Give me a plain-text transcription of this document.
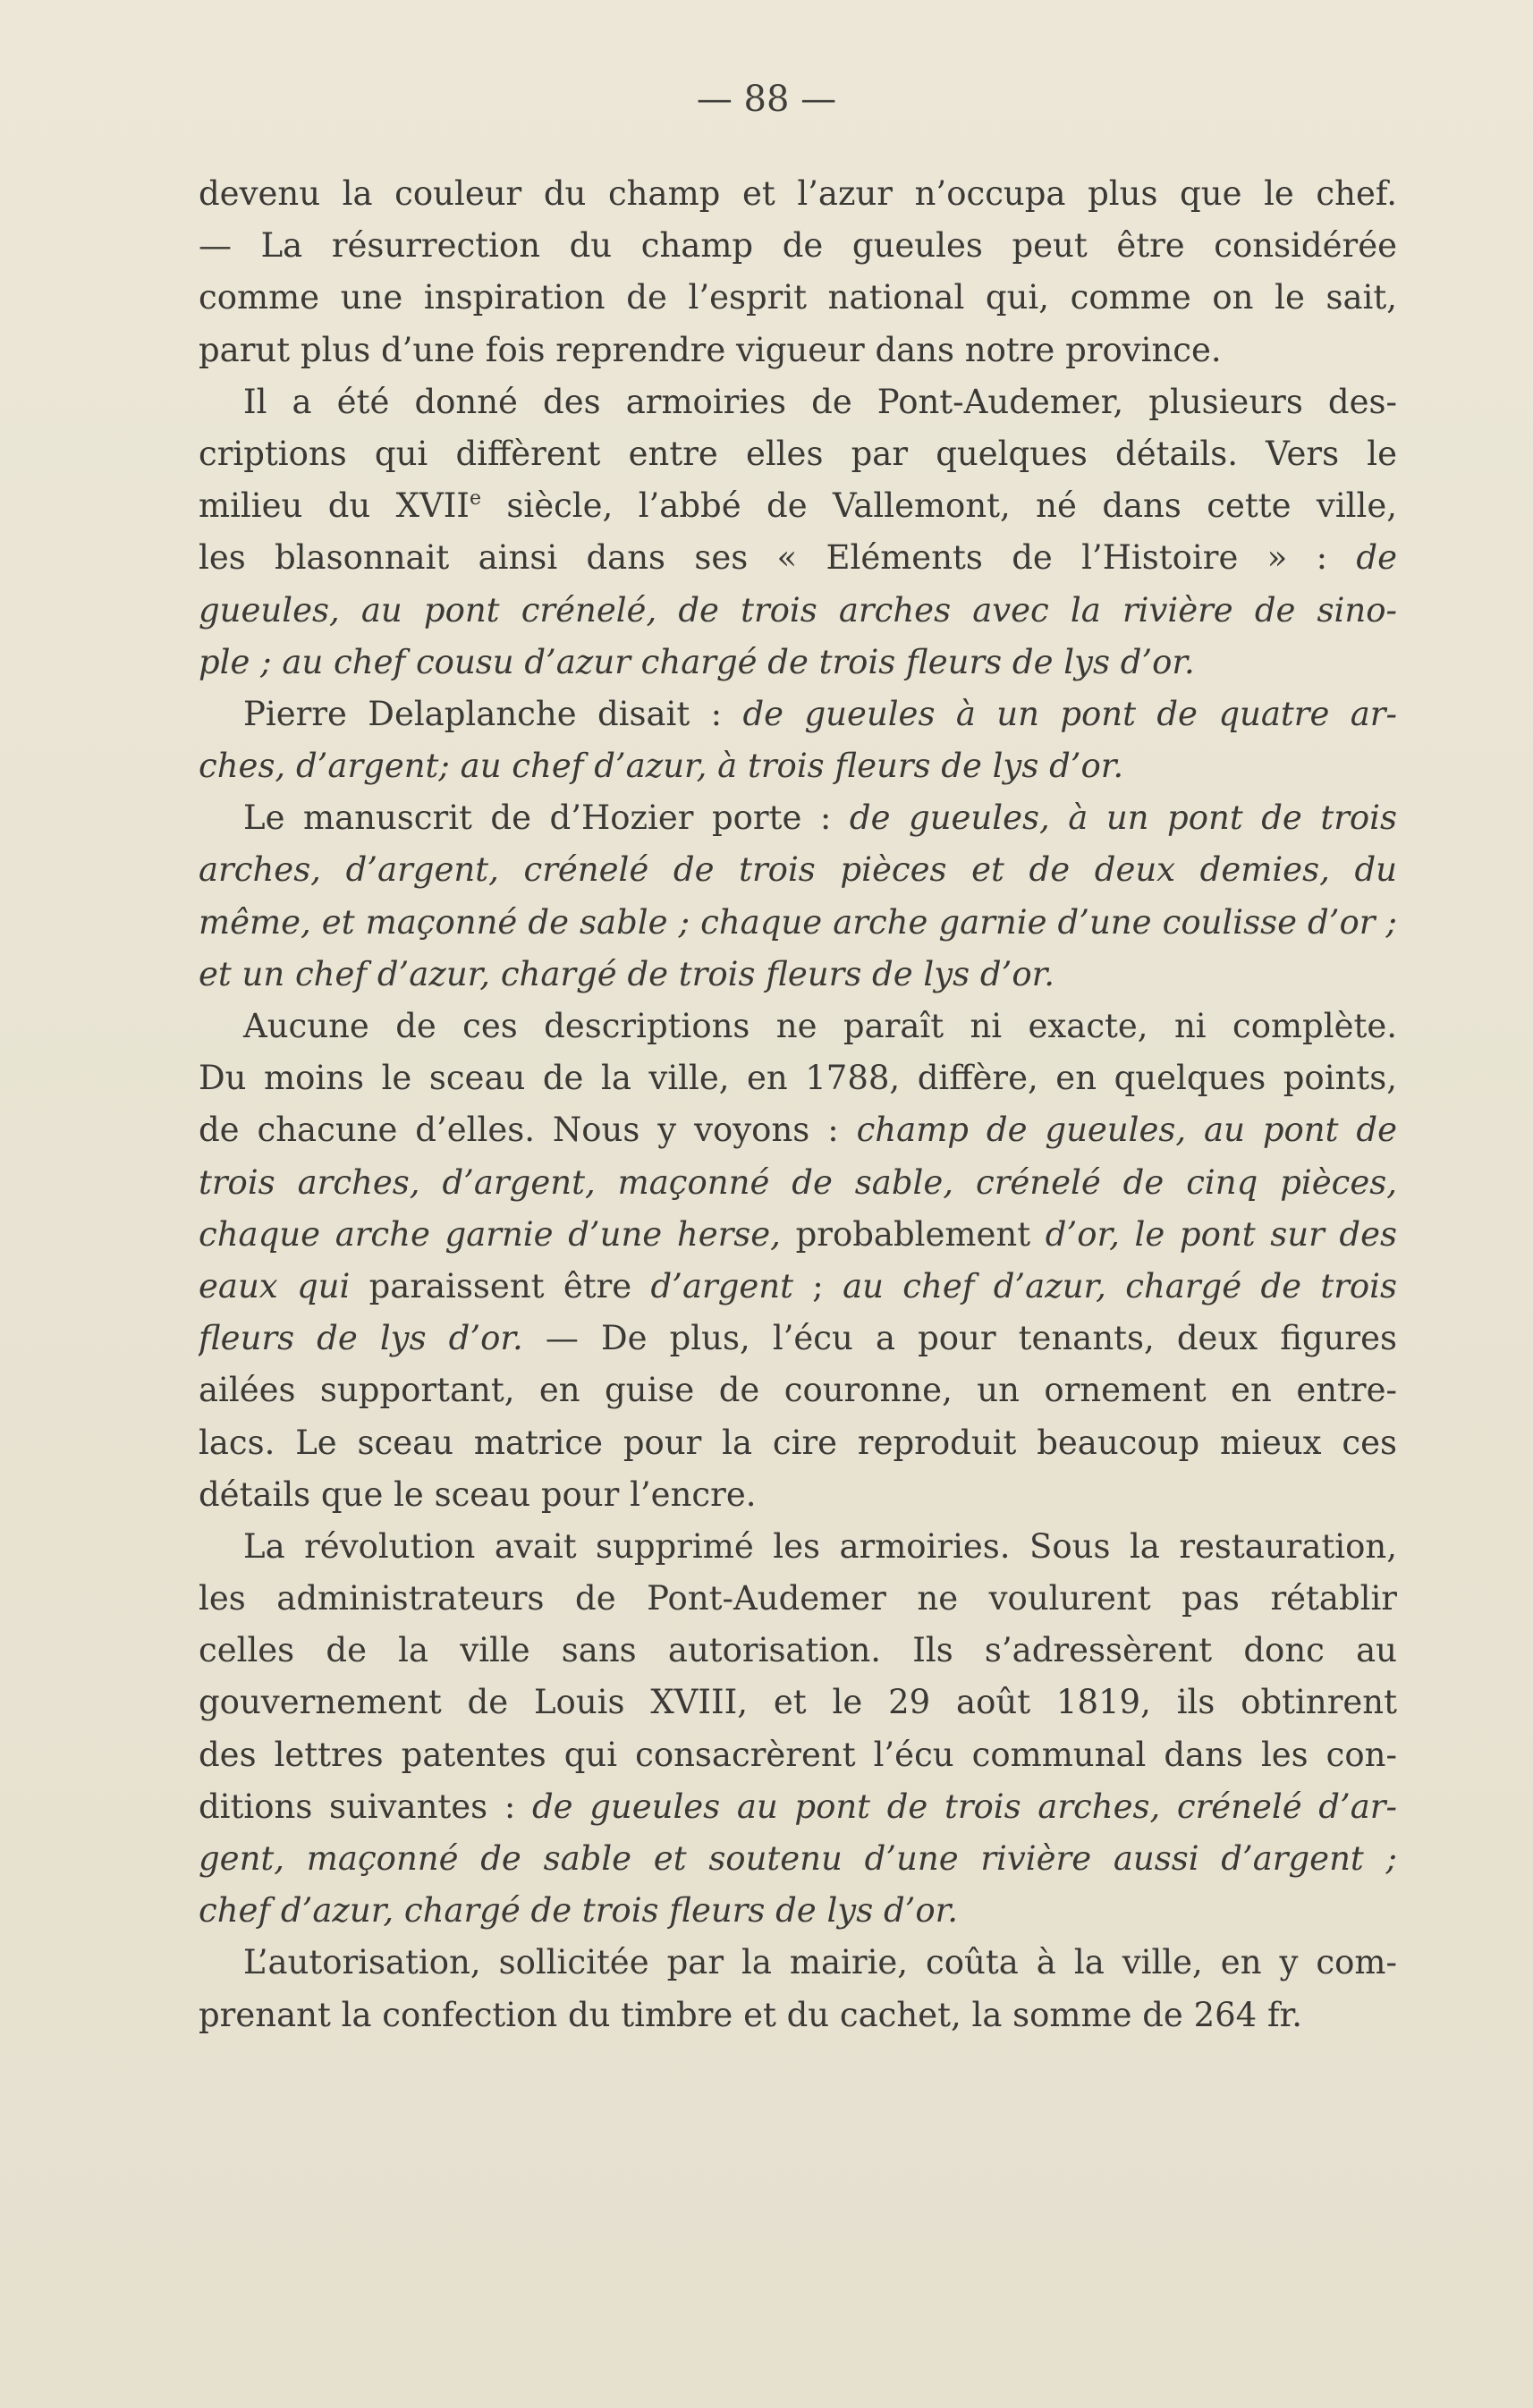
— 88 —
devenu la couleur du champ et l’azur n’occupa plus que le chef.
— La résurrection du champ de gueules peut être considérée
comme une inspiration de l’esprit national qui, comme on le sait,
parut plus d’une fois reprendre vigueur dans notre province.
Il a été donné des armoiries de Pont-Audemer, plusieurs des-
criptions qui diffèrent entre elles par quelques détails. Vers le
milieu du XVIIe siècle, l’abbé de Vallemont, né dans cette ville,
les blasonnait ainsi dans ses « Eléments de l’Histoire » : de
gueules, au pont crénelé, de trois arches avec la rivière de sino-
ple ; au chef cousu d’azur chargé de trois fleurs de lys d’or.
Pierre Delaplanche disait : de gueules à un pont de quatre ar-
ches, d’argent; au chef d’azur, à trois fleurs de lys d’or.
Le manuscrit de d’Hozier porte : de gueules, à un pont de trois
arches, d’argent, crénelé de trois pièces et de deux demies, du
même, et maçonné de sable ; chaque arche garnie d’une coulisse d’or ;
et un chef d’azur, chargé de trois fleurs de lys d’or.
Aucune de ces descriptions ne paraît ni exacte, ni complète.
Du moins le sceau de la ville, en 1788, diffère, en quelques points,
de chacune d’elles. Nous y voyons : champ de gueules, au pont de
trois arches, d’argent, maçonné de sable, crénelé de cinq pièces,
chaque arche garnie d’une herse, probablement d’or, le pont sur des
eaux qui paraissent être d’argent ; au chef d’azur, chargé de trois
fleurs de lys d’or. — De plus, l’écu a pour tenants, deux figures
ailées supportant, en guise de couronne, un ornement en entre-
lacs. Le sceau matrice pour la cire reproduit beaucoup mieux ces
détails que le sceau pour l’encre.
La révolution avait supprimé les armoiries. Sous la restauration,
les administrateurs de Pont-Audemer ne voulurent pas rétablir
celles de la ville sans autorisation. Ils s’adressèrent donc au
gouvernement de Louis XVIII, et le 29 août 1819, ils obtinrent
des lettres patentes qui consacrèrent l’écu communal dans les con-
ditions suivantes : de gueules au pont de trois arches, crénelé d’ar-
gent, maçonné de sable et soutenu d’une rivière aussi d’argent ;
chef d’azur, chargé de trois fleurs de lys d’or.
L’autorisation, sollicitée par la mairie, coûta à la ville, en y com-
prenant la confection du timbre et du cachet, la somme de 264 fr.
